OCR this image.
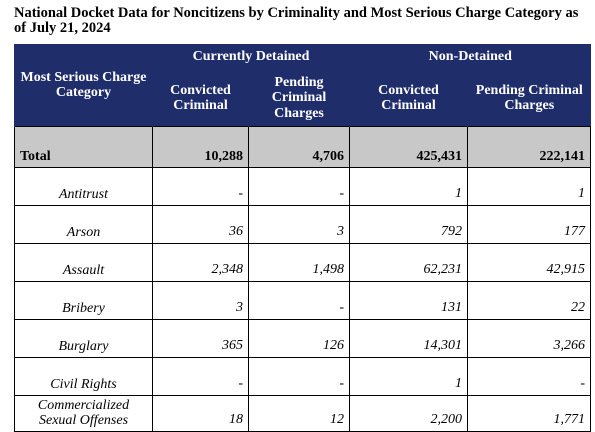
National Docket Data for Noncitizens by Criminality and Most Serious Charge Category as of July 21, 2024
Most Serious Charge Category	Currently Detained		Non-Detained	
	Convicted Criminal	Pending Criminal Charges	Convicted Criminal	Pending Criminal Charges
Total	10,288	4,706	425,431	222,141
Antitrust	-	-	1	1
Arson	36	3	792	177
Assault	2,348	1,498	62,231	42,915
Bribery	3	-	131	22
Burglary	365	126	14,301	3,266
Civil Rights	-	-	1	-
Commercialized Sexual Offenses	18	12	2,200	1,771
